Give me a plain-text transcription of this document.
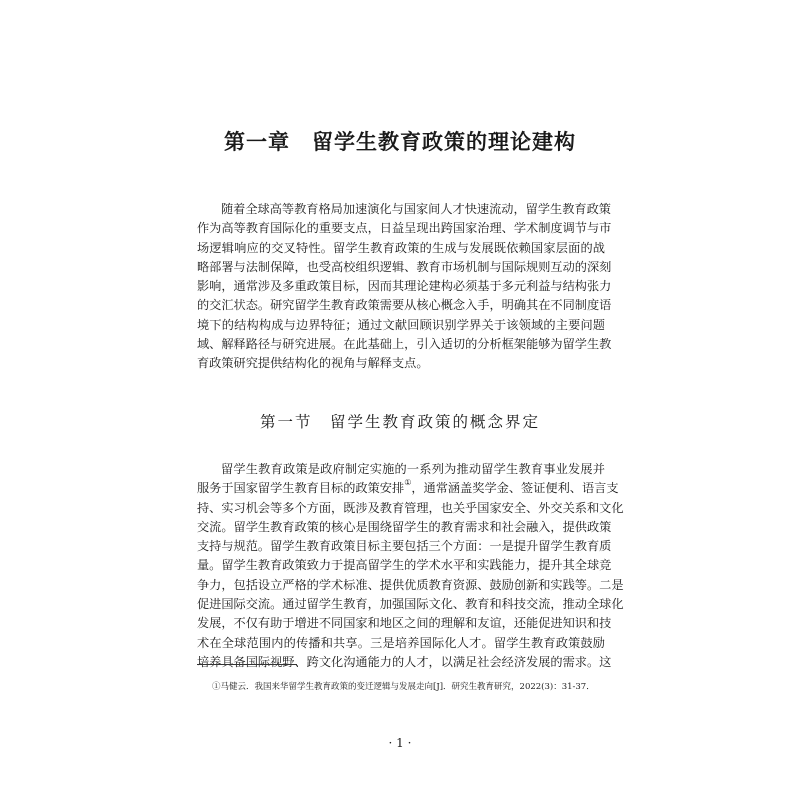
第一章　留学生教育政策的理论建构
随着全球高等教育格局加速演化与国家间人才快速流动，留学生教育政策
作为高等教育国际化的重要支点，日益呈现出跨国家治理、学术制度调节与市
场逻辑响应的交叉特性。留学生教育政策的生成与发展既依赖国家层面的战
略部署与法制保障，也受高校组织逻辑、教育市场机制与国际规则互动的深刻
影响，通常涉及多重政策目标，因而其理论建构必须基于多元利益与结构张力
的交汇状态。研究留学生教育政策需要从核心概念入手，明确其在不同制度语
境下的结构构成与边界特征；通过文献回顾识别学界关于该领域的主要问题
域、解释路径与研究进展。在此基础上，引入适切的分析框架能够为留学生教
育政策研究提供结构化的视角与解释支点。
第一节　留学生教育政策的概念界定
留学生教育政策是政府制定实施的一系列为推动留学生教育事业发展并
服务于国家留学生教育目标的政策安排①，通常涵盖奖学金、签证便利、语言支
持、实习机会等多个方面，既涉及教育管理，也关乎国家安全、外交关系和文化
交流。留学生教育政策的核心是围绕留学生的教育需求和社会融入，提供政策
支持与规范。留学生教育政策目标主要包括三个方面：一是提升留学生教育质
量。留学生教育政策致力于提高留学生的学术水平和实践能力，提升其全球竞
争力，包括设立严格的学术标准、提供优质教育资源、鼓励创新和实践等。二是
促进国际交流。通过留学生教育，加强国际文化、教育和科技交流，推动全球化
发展，不仅有助于增进不同国家和地区之间的理解和友谊，还能促进知识和技
术在全球范围内的传播和共享。三是培养国际化人才。留学生教育政策鼓励
培养具备国际视野、跨文化沟通能力的人才，以满足社会经济发展的需求。这
①马健云．我国来华留学生教育政策的变迁逻辑与发展走向[J]．研究生教育研究，2022(3)：31-37．
· 1 ·
